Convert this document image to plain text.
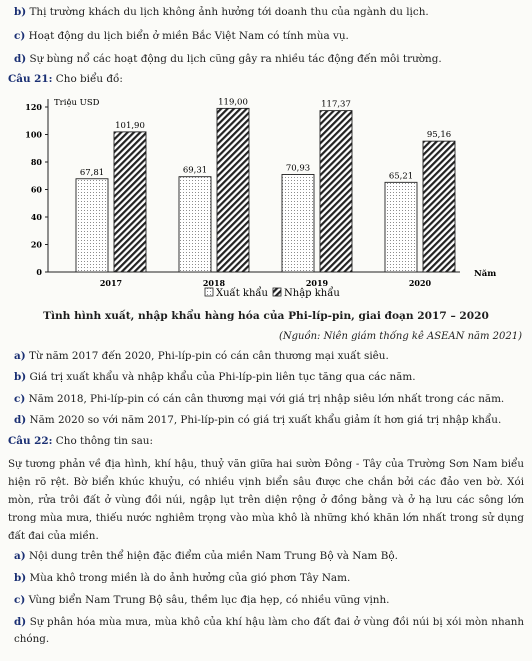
b) Thị trường khách du lịch không ảnh hưởng tới doanh thu của ngành du lịch.
c) Hoạt động du lịch biển ở miền Bắc Việt Nam có tính mùa vụ.
d) Sự bùng nổ các hoạt động du lịch cũng gây ra nhiều tác động đến môi trường.
Câu 21: Cho biểu đồ:
0
20
40
60
80
100
120 Triệu USD
Năm
2017	2018	2019	2020
67,81
101,90
69,31
119,00
70,93
117,37
65,21
95,16
Xuất khẩu Nhập khẩu
Tình hình xuất, nhập khẩu hàng hóa của Phi-líp-pin, giai đoạn 2017 – 2020
(Nguồn: Niên giám thống kê ASEAN năm 2021)
a) Từ năm 2017 đến 2020, Phi-líp-pin có cán cân thương mại xuất siêu.
b) Giá trị xuất khẩu và nhập khẩu của Phi-líp-pin liên tục tăng qua các năm.
c) Năm 2018, Phi-líp-pin có cán cân thương mại với giá trị nhập siêu lớn nhất trong các năm.
d) Năm 2020 so với năm 2017, Phi-líp-pin có giá trị xuất khẩu giảm ít hơn giá trị nhập khẩu.
Câu 22: Cho thông tin sau:
Sự tương phản về địa hình, khí hậu, thuỷ văn giữa hai sườn Đông - Tây của Trường Sơn Nam biểu hiện rõ rệt. Bờ biển khúc khuỷu, có nhiều vịnh biển sâu được che chắn bởi các đảo ven bờ. Xói mòn, rửa trôi đất ở vùng đồi núi, ngập lụt trên diện rộng ở đồng bằng và ở hạ lưu các sông lớn trong mùa mưa, thiếu nước nghiêm trọng vào mùa khô là những khó khăn lớn nhất trong sử dụng đất đai của miền.
a) Nội dung trên thể hiện đặc điểm của miền Nam Trung Bộ và Nam Bộ.
b) Mùa khô trong miền là do ảnh hưởng của gió phơn Tây Nam.
c) Vùng biển Nam Trung Bộ sâu, thềm lục địa hẹp, có nhiều vũng vịnh.
d) Sự phân hóa mùa mưa, mùa khô của khí hậu làm cho đất đai ở vùng đồi núi bị xói mòn nhanh chóng.
